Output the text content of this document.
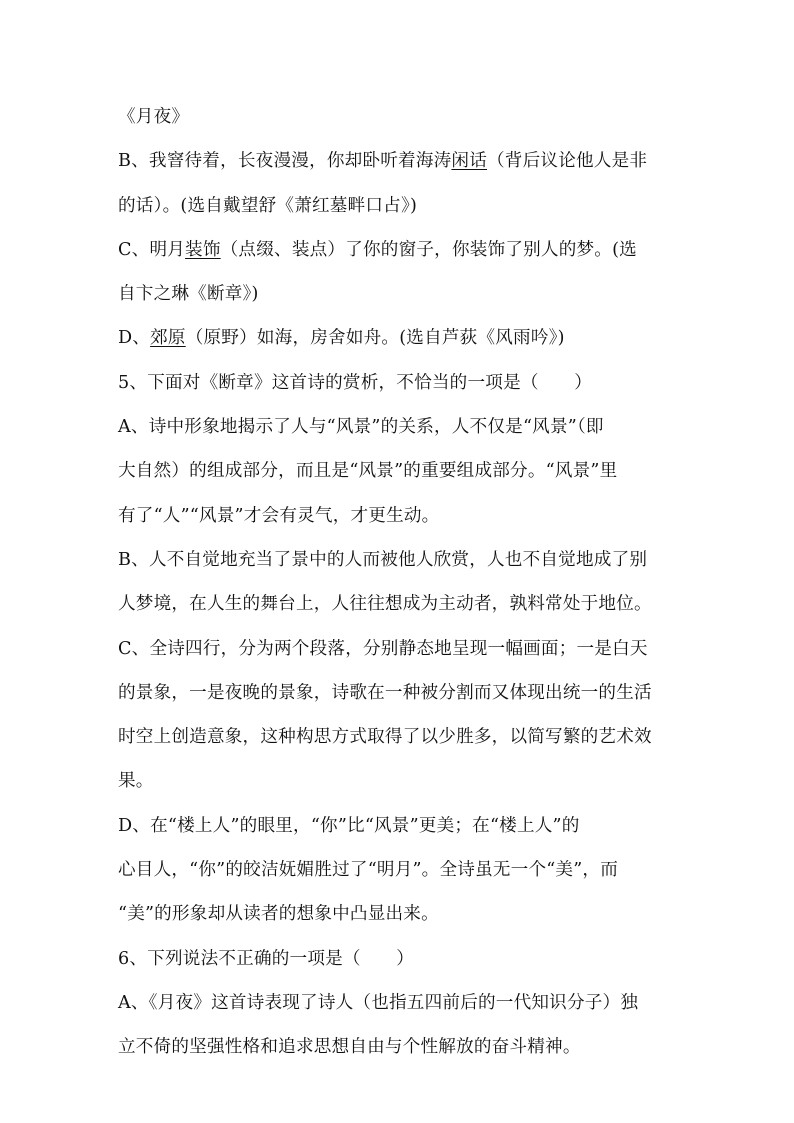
《月夜》
B、我窨待着，长夜漫漫，你却卧听着海涛闲话（背后议论他人是非
的话）。(选自戴望舒《萧红墓畔口占》)
C、明月装饰（点缀、装点）了你的窗子，你装饰了别人的梦。(选
自卞之琳《断章》)
D、郊原（原野）如海，房舍如舟。(选自芦荻《风雨吟》)
5、下面对《断章》这首诗的赏析，不恰当的一项是（　　）
A、诗中形象地揭示了人与“风景”的关系，人不仅是“风景”（即
大自然）的组成部分，而且是“风景”的重要组成部分。“风景”里
有了“人”“风景”才会有灵气，才更生动。
B、人不自觉地充当了景中的人而被他人欣赏，人也不自觉地成了别
人梦境，在人生的舞台上，人往往想成为主动者，孰料常处于地位。
C、全诗四行，分为两个段落，分别静态地呈现一幅画面；一是白天
的景象，一是夜晚的景象，诗歌在一种被分割而又体现出统一的生活
时空上创造意象，这种构思方式取得了以少胜多，以简写繁的艺术效
果。
D、在“楼上人”的眼里，“你”比“风景”更美；在“楼上人”的
心目人，“你”的皎洁妩媚胜过了“明月”。全诗虽无一个“美”，而
“美”的形象却从读者的想象中凸显出来。
6、下列说法不正确的一项是（　　）
A、《月夜》这首诗表现了诗人（也指五四前后的一代知识分子）独
立不倚的坚强性格和追求思想自由与个性解放的奋斗精神。
